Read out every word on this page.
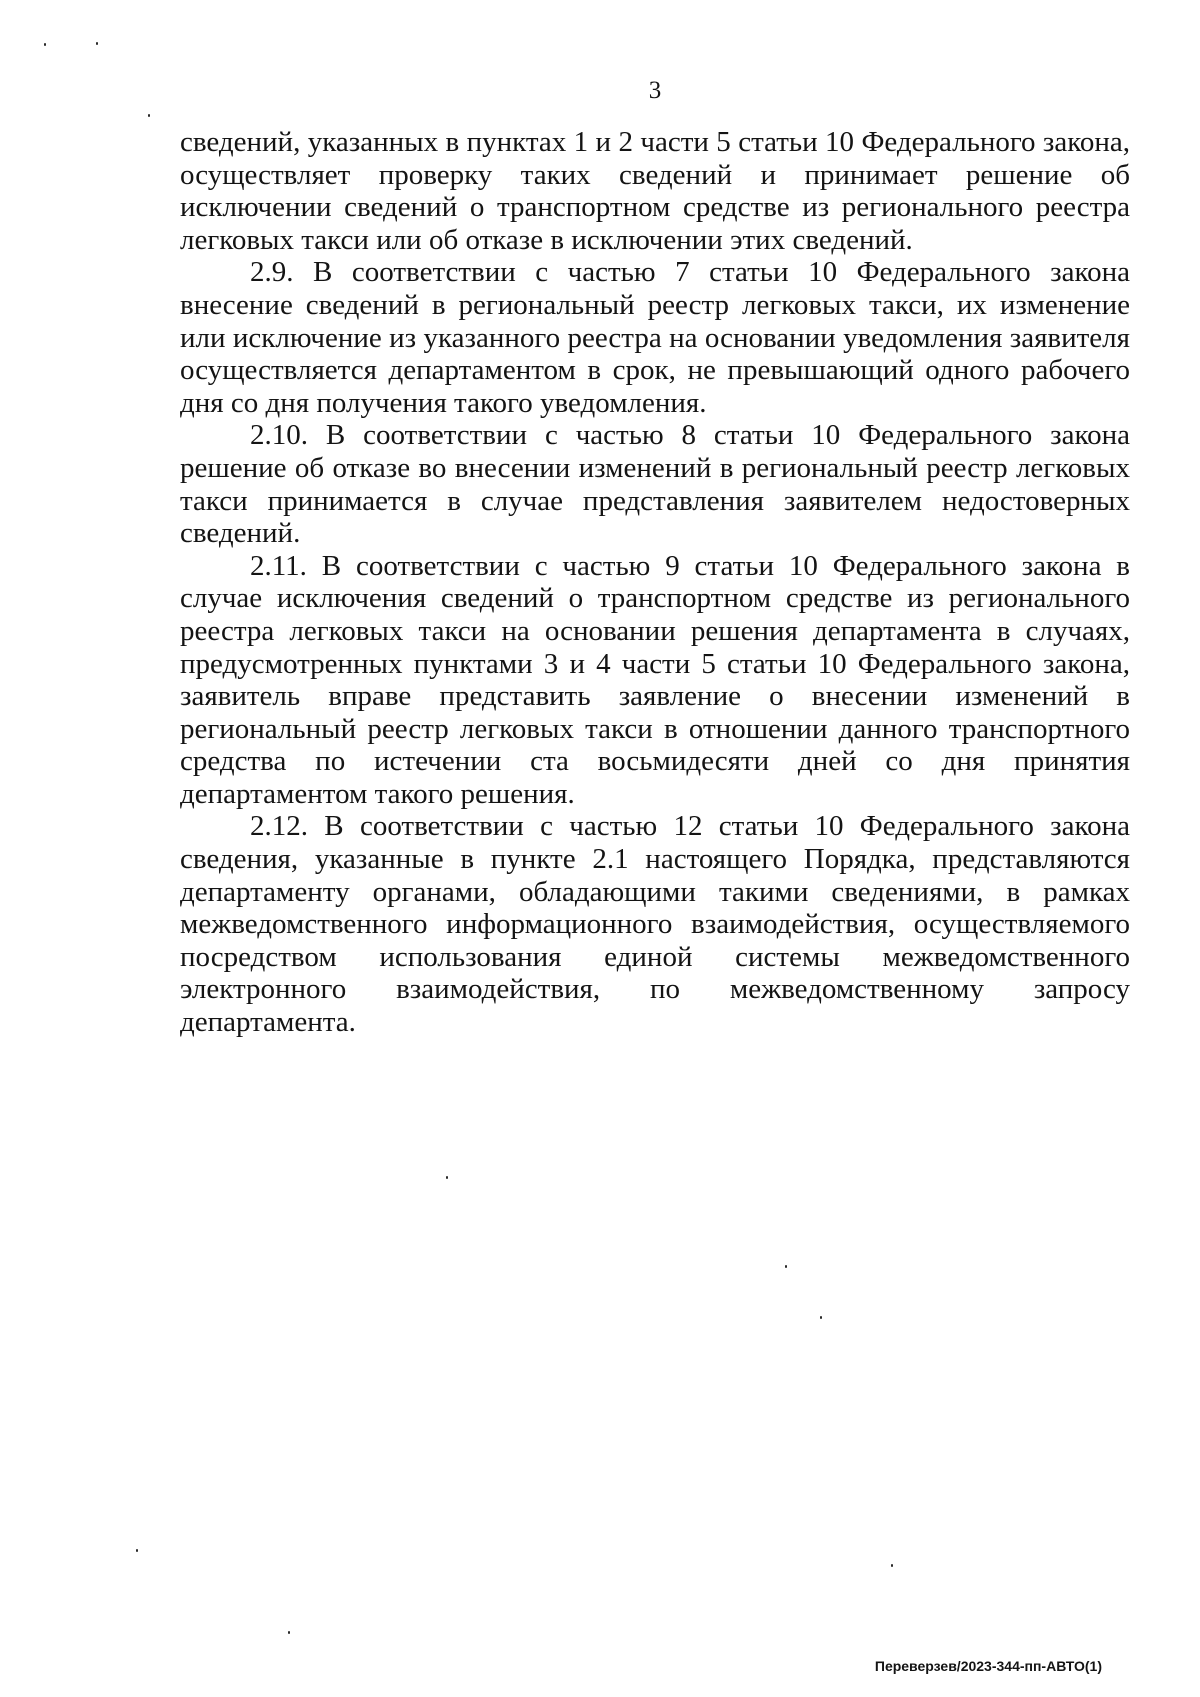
3

сведений, указанных в пунктах 1 и 2 части 5 статьи 10 Федерального закона, осуществляет проверку таких сведений и принимает решение об исключении сведений о транспортном средстве из регионального реестра легковых такси или об отказе в исключении этих сведений.

2.9. В соответствии с частью 7 статьи 10 Федерального закона внесение сведений в региональный реестр легковых такси, их изменение или исключение из указанного реестра на основании уведомления заявителя осуществляется департаментом в срок, не превышающий одного рабочего дня со дня получения такого уведомления.

2.10. В соответствии с частью 8 статьи 10 Федерального закона решение об отказе во внесении изменений в региональный реестр легковых такси принимается в случае представления заявителем недостоверных сведений.

2.11. В соответствии с частью 9 статьи 10 Федерального закона в случае исключения сведений о транспортном средстве из регионального реестра легковых такси на основании решения департамента в случаях, предусмотренных пунктами 3 и 4 части 5 статьи 10 Федерального закона, заявитель вправе представить заявление о внесении изменений в региональный реестр легковых такси в отношении данного транспортного средства по истечении ста восьмидесяти дней со дня принятия департаментом такого решения.

2.12. В соответствии с частью 12 статьи 10 Федерального закона сведения, указанные в пункте 2.1 настоящего Порядка, представляются департаменту органами, обладающими такими сведениями, в рамках межведомственного информационного взаимодействия, осуществляемого посредством использования единой системы межведомственного электронного взаимодействия, по межведомственному запросу департамента.

Переверзев/2023-344-пп-АВТО(1)
